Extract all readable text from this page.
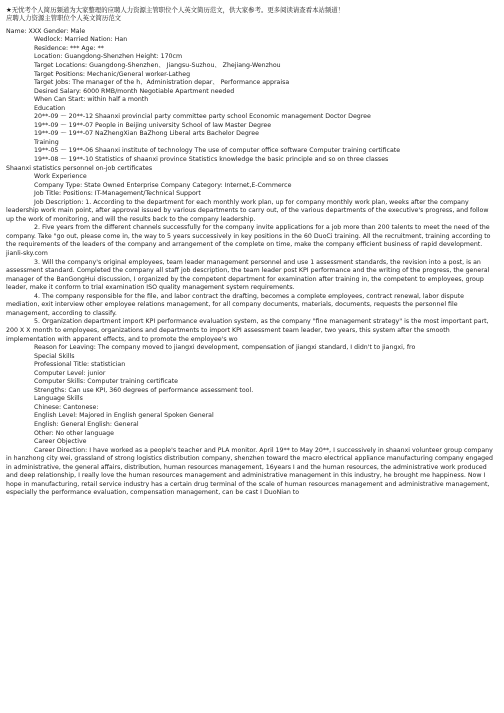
★无忧考个人简历频道为大家整理的应聘人力资源主管职位个人英文简历范文，供大家参考。更多阅读请查看本站频道！
应聘人力资源主管职位个人英文简历范文

Name: XXX Gender: Male

Wedlock: Married Nation: Han

Residence: *** Age: **

Location: Guangdong-Shenzhen Height: 170cm

Target Locations: Guangdong-Shenzhen、 Jiangsu-Suzhou、 Zhejiang-Wenzhou

Target Positions: Mechanic/General worker-Latheg

Target Jobs: The manager of the h、Administration depar、 Performance appraisa

Desired Salary: 6000 RMB/month Negotiable Apartment needed

When Can Start: within half a month

Education

20**-09 ～ 20**-12 Shaanxi provincial party committee party school Economic management Doctor Degree

19**-09 ～ 19**-07 People in Beijing university School of law Master Degree

19**-09 ～ 19**-07 NaZhengXian BaZhong Liberal arts Bachelor Degree

Training

19**-05 ～ 19**-06 Shaanxi institute of technology The use of computer office software Computer training certificate

19**-08 ～ 19**-10 Statistics of shaanxi province Statistics knowledge the basic principle and so on three classes

Shaanxi statistics personnel on-job certificates

Work Experience

Company Type: State Owned Enterprise Company Category: Internet,E-Commerce

Job Title: Positions: IT-Management/Technical Support

Job Description: 1. According to the department for each monthly work plan, up for company monthly work plan, weeks after the company leadership work main point, after approval issued by various departments to carry out, of the various departments of the executive's progress, and follow up the work of monitoring, and will the results back to the company leadership.

2. Five years from the different channels successfully for the company invite applications for a job more than 200 talents to meet the need of the company. Take "go out, please come in, the way to 5 years successively in key positions in the 60 DuoCi training. All the recruitment, training according to the requirements of the leaders of the company and arrangement of the complete on time, make the company efficient business of rapid development. jianli-sky.com

3. Will the company's original employees, team leader management personnel and use 1 assessment standards, the revision into a post, is an assessment standard. Completed the company all staff job description, the team leader post KPI performance and the writing of the progress, the general manager of the BanGongHui discussion, I organized by the competent department for examination after training in, the competent to employees, group leader, make it conform to trial examination ISO quality management system requirements.

4. The company responsible for the file, and labor contract the drafting, becomes a complete employees, contract renewal, labor dispute mediation, exit interview other employee relations management, for all company documents, materials, documents, requests the personnel file management, according to classify.

5. Organization department import KPI performance evaluation system, as the company "fine management strategy" is the most important part, 200 X X month to employees, organizations and departments to import KPI assessment team leader, two years, this system after the smooth implementation with apparent effects, and to promote the employee's wo

Reason for Leaving: The company moved to jiangxi development, compensation of jiangxi standard, I didn't to jiangxi, fro

Special Skills

Professional Title: statistician

Computer Level: junior

Computer Skills: Computer training certificate

Strengths: Can use KPI, 360 degrees of performance assessment tool.

Language Skills

Chinese: Cantonese:

English Level: Majored in English general Spoken General

English: General English: General

Other: No other language

Career Objective

Career Direction: I have worked as a people's teacher and PLA monitor. April 19** to May 20**, I successively in shaanxi volunteer group company in hanzhong city wei, grassland of strong logistics distribution company, shenzhen toward the macro electrical appliance manufacturing company engaged in administrative, the general affairs, distribution, human resources management, 16years I and the human resources, the administrative work produced and deep relationship, I really love the human resources management and administrative management in this industry, he brought me happiness. Now I hope in manufacturing, retail service industry has a certain drug terminal of the scale of human resources management and administrative management, especially the performance evaluation, compensation management, can be cast I DuoNian to
